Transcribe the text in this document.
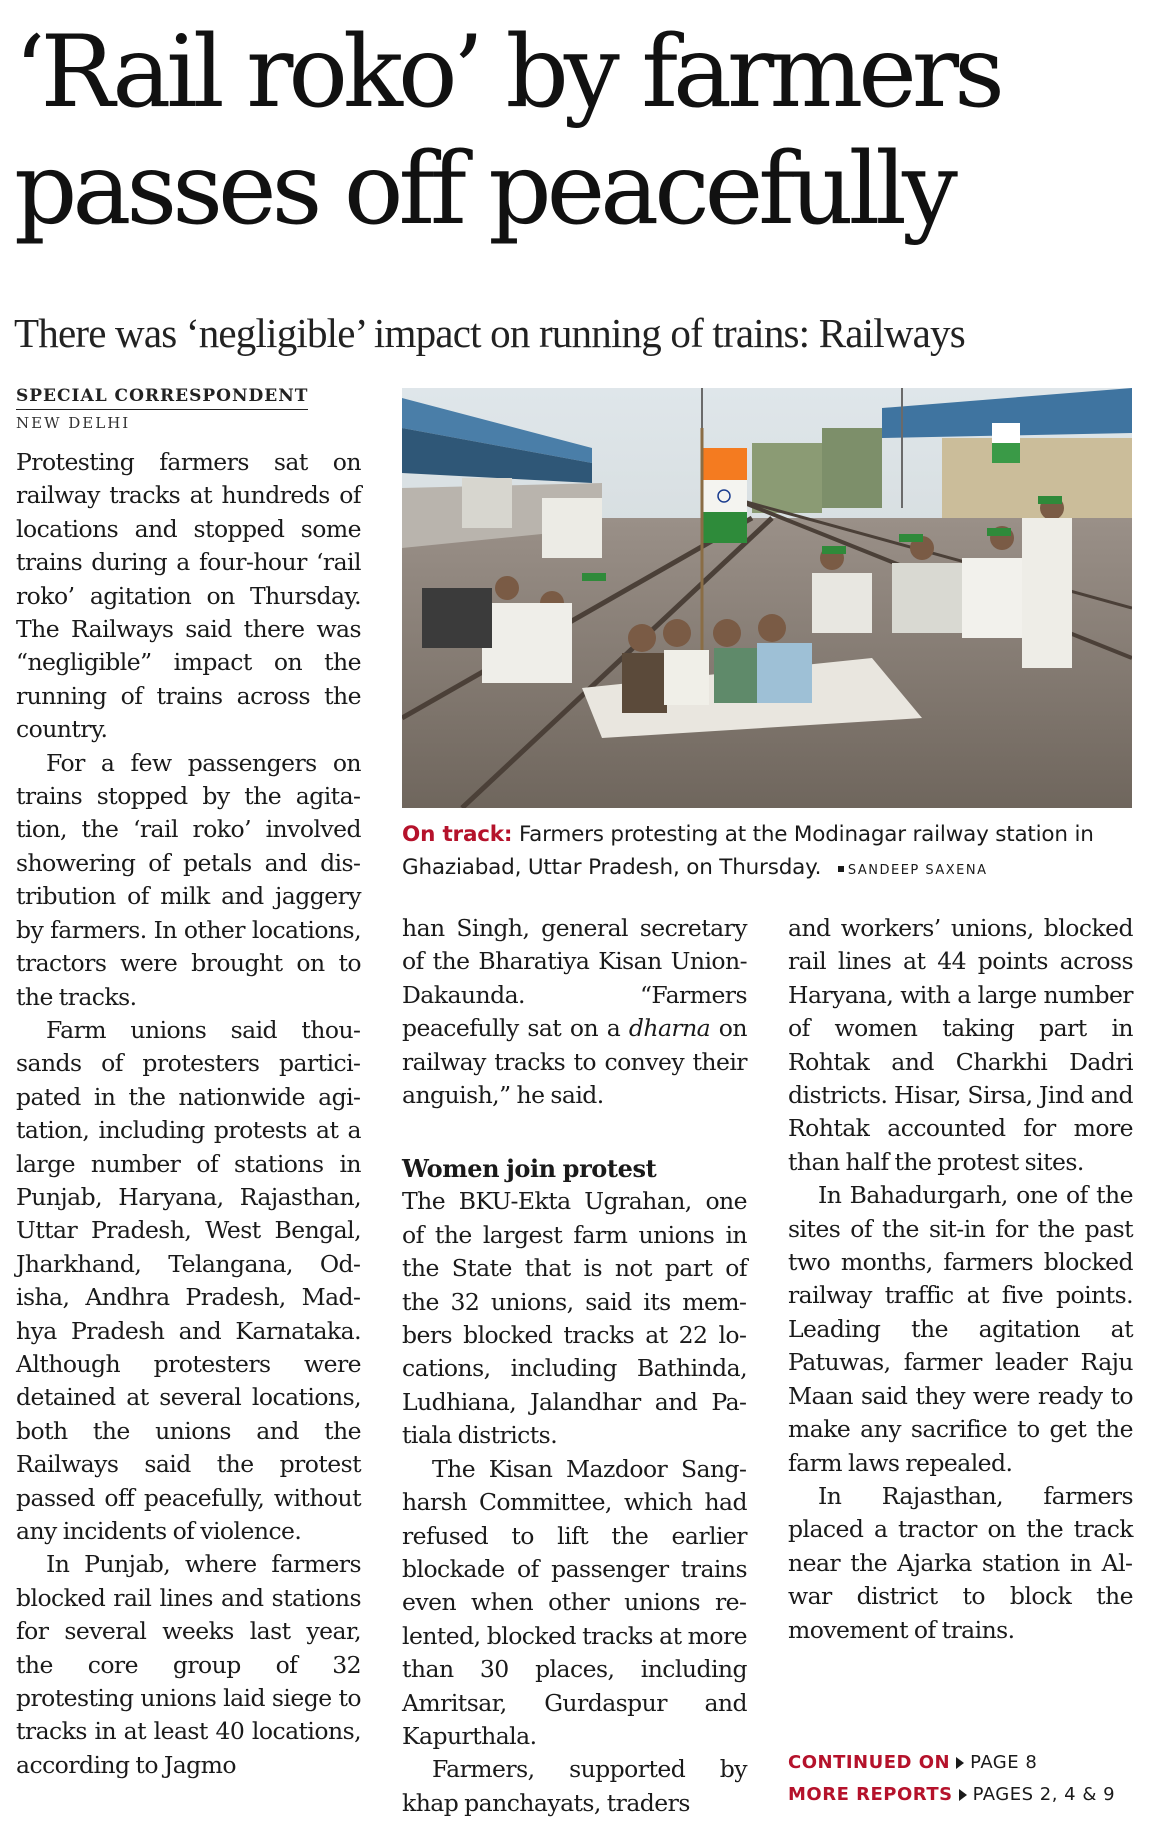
‘Rail roko’ by farmers
passes off peacefully
There was ‘negligible’ impact on running of trains: Railways
SPECIAL CORRESPONDENT
NEW DELHI
On track: Farmers protesting at the Modinagar railway station in Ghaziabad, Uttar Pradesh, on Thursday. SANDEEP SAXENA

Protesting farmers sat on railway tracks at hundreds of locations and stopped some trains during a four-hour ‘rail roko’ agitation on Thursday. The Railways said there was “negligible” impact on the running of trains across the country.

For a few passengers on trains stopped by the agitation, the ‘rail roko’ involved showering of petals and distribution of milk and jaggery by farmers. In other locations, tractors were brought on to the tracks.

Farm unions said thousands of protesters participated in the nationwide agitation, including protests at a large number of stations in Punjab, Haryana, Rajasthan, Uttar Pradesh, West Bengal, Jharkhand, Telangana, Odisha, Andhra Pradesh, Madhya Pradesh and Karnataka. Although protesters were detained at several locations, both the unions and the Railways said the protest passed off peacefully, without any incidents of violence.

In Punjab, where farmers blocked rail lines and stations for several weeks last year, the core group of 32 protesting unions laid siege to tracks in at least 40 locations, according to Jagmo

han Singh, general secretary of the Bharatiya Kisan Union-Dakaunda. “Farmers peacefully sat on a dharna on railway tracks to convey their anguish,” he said.

Women join protest

The BKU-Ekta Ugrahan, one of the largest farm unions in the State that is not part of the 32 unions, said its members blocked tracks at 22 locations, including Bathinda, Ludhiana, Jalandhar and Patiala districts.

The Kisan Mazdoor Sangharsh Committee, which had refused to lift the earlier blockade of passenger trains even when other unions relented, blocked tracks at more than 30 places, including Amritsar, Gurdaspur and Kapurthala.

Farmers, supported by khap panchayats, traders

and workers’ unions, blocked rail lines at 44 points across Haryana, with a large number of women taking part in Rohtak and Charkhi Dadri districts. Hisar, Sirsa, Jind and Rohtak accounted for more than half the protest sites.

In Bahadurgarh, one of the sites of the sit-in for the past two months, farmers blocked railway traffic at five points. Leading the agitation at Patuwas, farmer leader Raju Maan said they were ready to make any sacrifice to get the farm laws repealed.

In Rajasthan, farmers placed a tractor on the track near the Ajarka station in Alwar district to block the movement of trains.

CONTINUED ON PAGE 8
MORE REPORTS PAGES 2, 4 & 9
